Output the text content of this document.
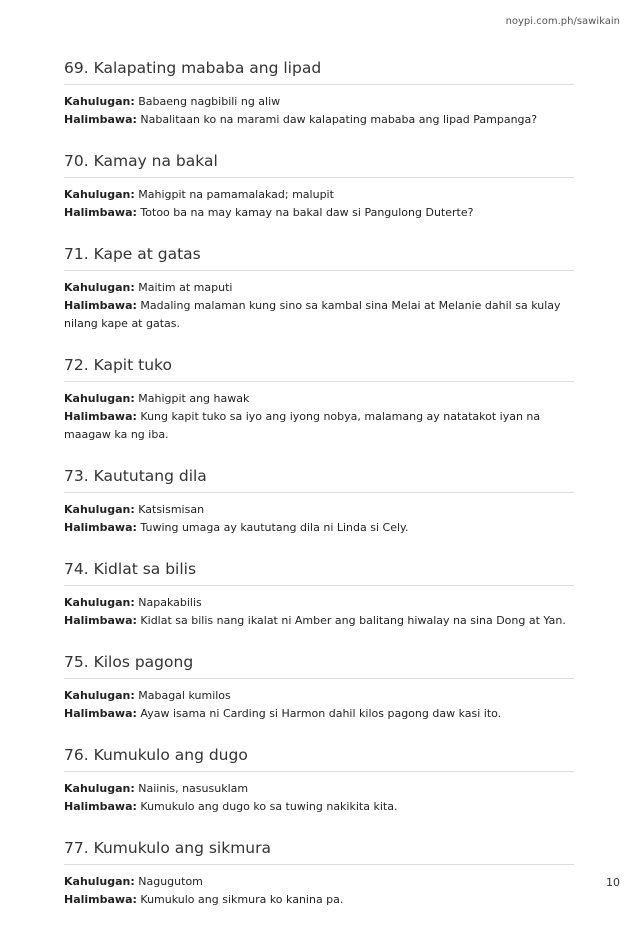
noypi.com.ph/sawikain
69. Kalapating mababa ang lipad
Kahulugan: Babaeng nagbibili ng aliw
Halimbawa: Nabalitaan ko na marami daw kalapating mababa ang lipad Pampanga?
70. Kamay na bakal
Kahulugan: Mahigpit na pamamalakad; malupit
Halimbawa: Totoo ba na may kamay na bakal daw si Pangulong Duterte?
71. Kape at gatas
Kahulugan: Maitim at maputi
Halimbawa: Madaling malaman kung sino sa kambal sina Melai at Melanie dahil sa kulay nilang kape at gatas.
72. Kapit tuko
Kahulugan: Mahigpit ang hawak
Halimbawa: Kung kapit tuko sa iyo ang iyong nobya, malamang ay natatakot iyan na maagaw ka ng iba.
73. Kaututang dila
Kahulugan: Katsismisan
Halimbawa: Tuwing umaga ay kaututang dila ni Linda si Cely.
74. Kidlat sa bilis
Kahulugan: Napakabilis
Halimbawa: Kidlat sa bilis nang ikalat ni Amber ang balitang hiwalay na sina Dong at Yan.
75. Kilos pagong
Kahulugan: Mabagal kumilos
Halimbawa: Ayaw isama ni Carding si Harmon dahil kilos pagong daw kasi ito.
76. Kumukulo ang dugo
Kahulugan: Naiinis, nasusuklam
Halimbawa: Kumukulo ang dugo ko sa tuwing nakikita kita.
77. Kumukulo ang sikmura
Kahulugan: Nagugutom
Halimbawa: Kumukulo ang sikmura ko kanina pa.
10
